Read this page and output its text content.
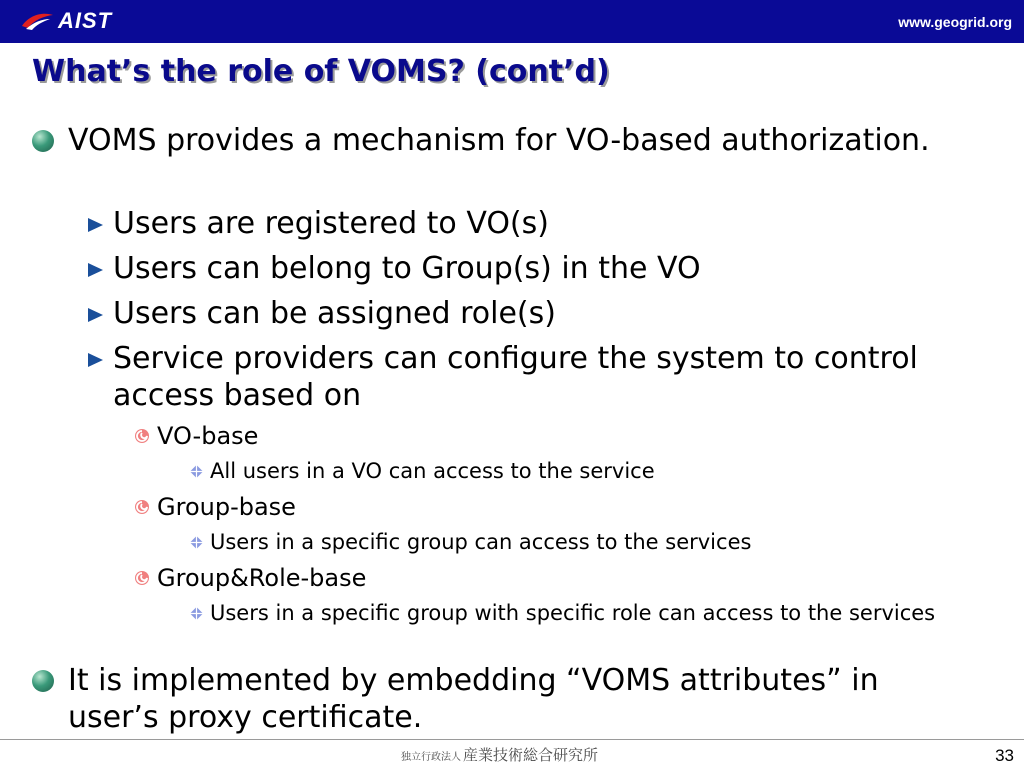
AIST	www.geogrid.org
What’s the role of VOMS? (cont’d)
VOMS provides a mechanism for VO-based authorization.
Users are registered to VO(s)
Users can belong to Group(s) in the VO
Users can be assigned role(s)
Service providers can configure the system to control access based on
VO-base
All users in a VO can access to the service
Group-base
Users in a specific group can access to the services
Group&Role-base
Users in a specific group with specific role can access to the services
It is implemented by embedding “VOMS attributes” in user’s proxy certificate.
独立行政法人 産業技術総合研究所	33
